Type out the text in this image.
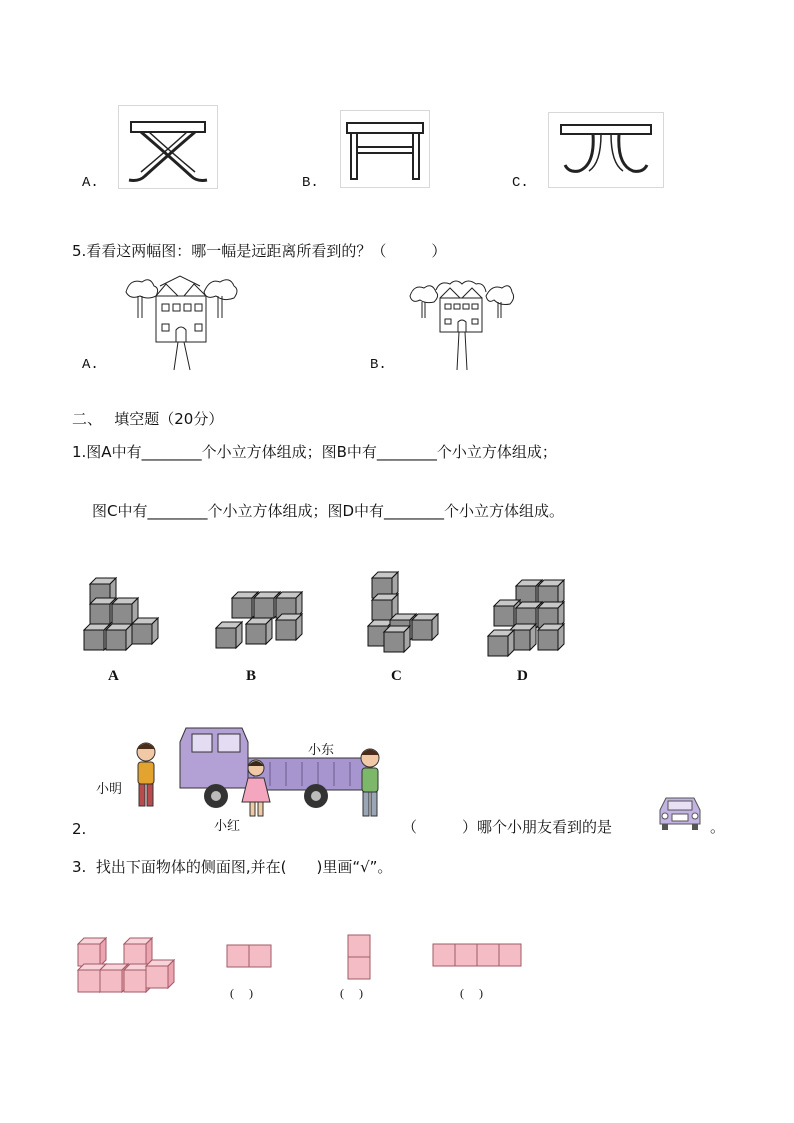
A.	B.	C.
5.看看这两幅图：哪一幅是远距离所看到的？（　　　）
A.	B.
二、　 填空题（20分）
1.图A中有________个小立方体组成；图B中有________个小立方体组成；
图C中有________个小立方体组成；图D中有________个小立方体组成。
A	B	C	D
小明
小东
小红
2.	（　　　）哪个小朋友看到的是	。
3.  找出下面物体的侧面图,并在(　　)里画“√”。
(　 )	(　 )	(　 )
